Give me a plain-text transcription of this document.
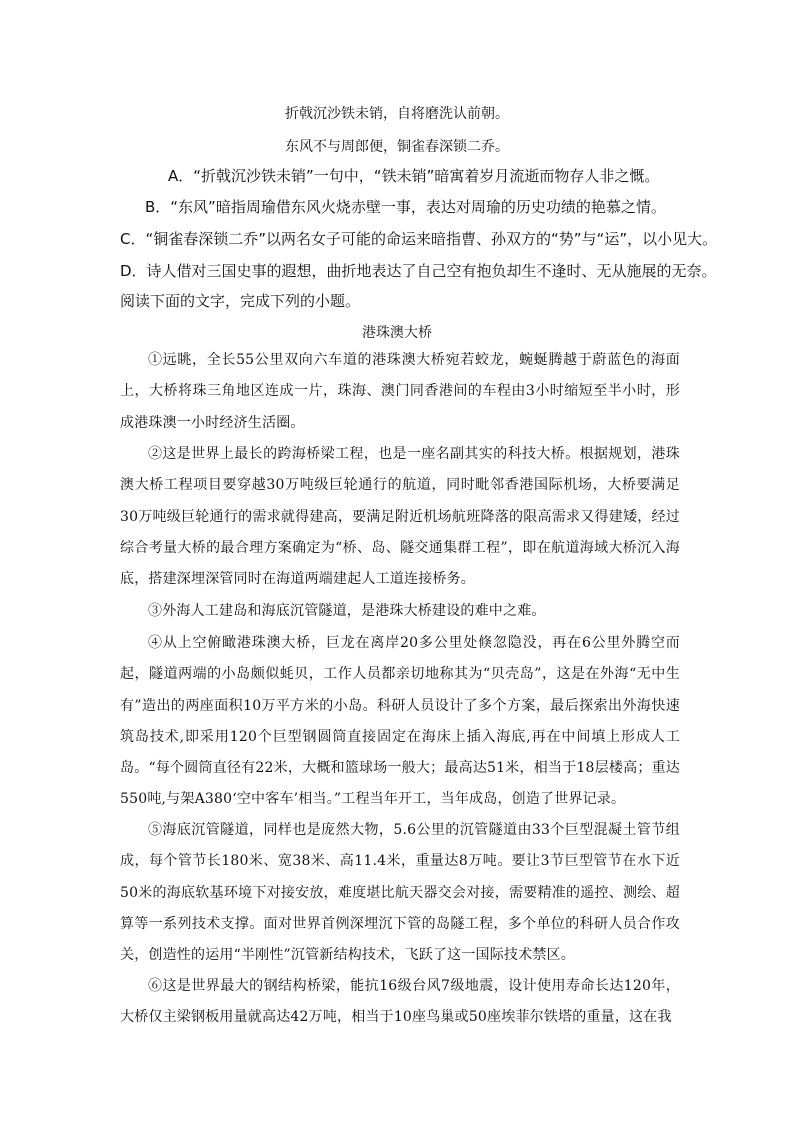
折戟沉沙铁未销，自将磨洗认前朝。
东风不与周郎便，铜雀春深锁二乔。
A．“折戟沉沙铁未销”一句中，“铁未销”暗寓着岁月流逝而物存人非之慨。
B．“东风”暗指周瑜借东风火烧赤壁一事，表达对周瑜的历史功绩的艳慕之情。
C．“铜雀春深锁二乔”以两名女子可能的命运来暗指曹、孙双方的“势”与“运”，以小见大。
D．诗人借对三国史事的遐想，曲折地表达了自己空有抱负却生不逢时、无从施展的无奈。
阅读下面的文字，完成下列的小题。
港珠澳大桥
①远眺，全长55公里双向六车道的港珠澳大桥宛若蛟龙，蜿蜒腾越于蔚蓝色的海面上，大桥将珠三角地区连成一片，珠海、澳门同香港间的车程由3小时缩短至半小时，形成港珠澳一小时经济生活圈。
②这是世界上最长的跨海桥梁工程，也是一座名副其实的科技大桥。根据规划，港珠澳大桥工程项目要穿越30万吨级巨轮通行的航道，同时毗邻香港国际机场，大桥要满足30万吨级巨轮通行的需求就得建高，要满足附近机场航班降落的限高需求又得建矮，经过综合考量大桥的最合理方案确定为“桥、岛、隧交通集群工程”，即在航道海域大桥沉入海底，搭建深埋深管同时在海道两端建起人工道连接桥务。
③外海人工建岛和海底沉管隧道，是港珠大桥建设的难中之难。
④从上空俯瞰港珠澳大桥，巨龙在离岸20多公里处倏忽隐没，再在6公里外腾空而起，隧道两端的小岛颇似蚝贝，工作人员都亲切地称其为“贝壳岛”，这是在外海“无中生有”造出的两座面积10万平方米的小岛。科研人员设计了多个方案，最后探索出外海快速筑岛技术,即采用120个巨型钢圆筒直接固定在海床上插入海底,再在中间填上形成人工岛。“每个圆筒直径有22米，大概和篮球场一般大；最高达51米，相当于18层楼高；重达550吨,与架A380‘空中客车’相当。”工程当年开工，当年成岛，创造了世界记录。
⑤海底沉管隧道，同样也是庞然大物，5.6公里的沉管隧道由33个巨型混凝土管节组成，每个管节长180米、宽38米、高11.4米，重量达8万吨。要让3节巨型管节在水下近50米的海底软基环境下对接安放，难度堪比航天器交会对接，需要精准的遥控、测绘、超算等一系列技术支撑。面对世界首例深埋沉下管的岛隧工程，多个单位的科研人员合作攻关，创造性的运用“半刚性”沉管新结构技术，飞跃了这一国际技术禁区。
⑥这是世界最大的钢结构桥梁，能抗16级台风7级地震，设计使用寿命长达120年，大桥仅主梁钢板用量就高达42万吨，相当于10座鸟巢或50座埃菲尔铁塔的重量，这在我
